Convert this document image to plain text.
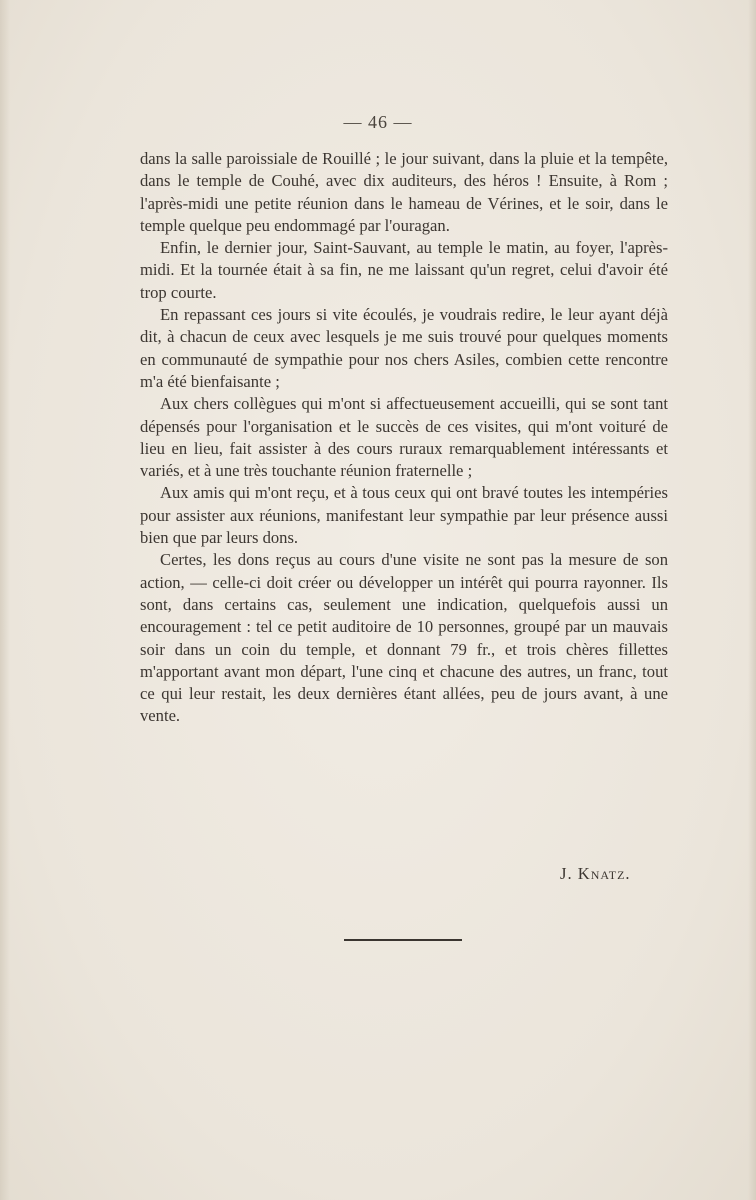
— 46 —

dans la salle paroissiale de Rouillé ; le jour suivant, dans la pluie et la tempête, dans le temple de Couhé, avec dix auditeurs, des héros ! Ensuite, à Rom ; l'après-midi une petite réunion dans le hameau de Vérines, et le soir, dans le temple quelque peu endommagé par l'ouragan.

Enfin, le dernier jour, Saint-Sauvant, au temple le matin, au foyer, l'après-midi. Et la tournée était à sa fin, ne me laissant qu'un regret, celui d'avoir été trop courte.

En repassant ces jours si vite écoulés, je voudrais redire, le leur ayant déjà dit, à chacun de ceux avec lesquels je me suis trouvé pour quelques moments en communauté de sympathie pour nos chers Asiles, combien cette rencontre m'a été bienfaisante ;

Aux chers collègues qui m'ont si affectueusement accueilli, qui se sont tant dépensés pour l'organisation et le succès de ces visites, qui m'ont voituré de lieu en lieu, fait assister à des cours ruraux remarquablement intéressants et variés, et à une très touchante réunion fraternelle ;

Aux amis qui m'ont reçu, et à tous ceux qui ont bravé toutes les intempéries pour assister aux réunions, manifestant leur sympathie par leur présence aussi bien que par leurs dons.

Certes, les dons reçus au cours d'une visite ne sont pas la mesure de son action, — celle-ci doit créer ou développer un intérêt qui pourra rayonner. Ils sont, dans certains cas, seulement une indication, quelquefois aussi un encouragement : tel ce petit auditoire de 10 personnes, groupé par un mauvais soir dans un coin du temple, et donnant 79 fr., et trois chères fillettes m'apportant avant mon départ, l'une cinq et chacune des autres, un franc, tout ce qui leur restait, les deux dernières étant allées, peu de jours avant, à une vente.

J. Knatz.
